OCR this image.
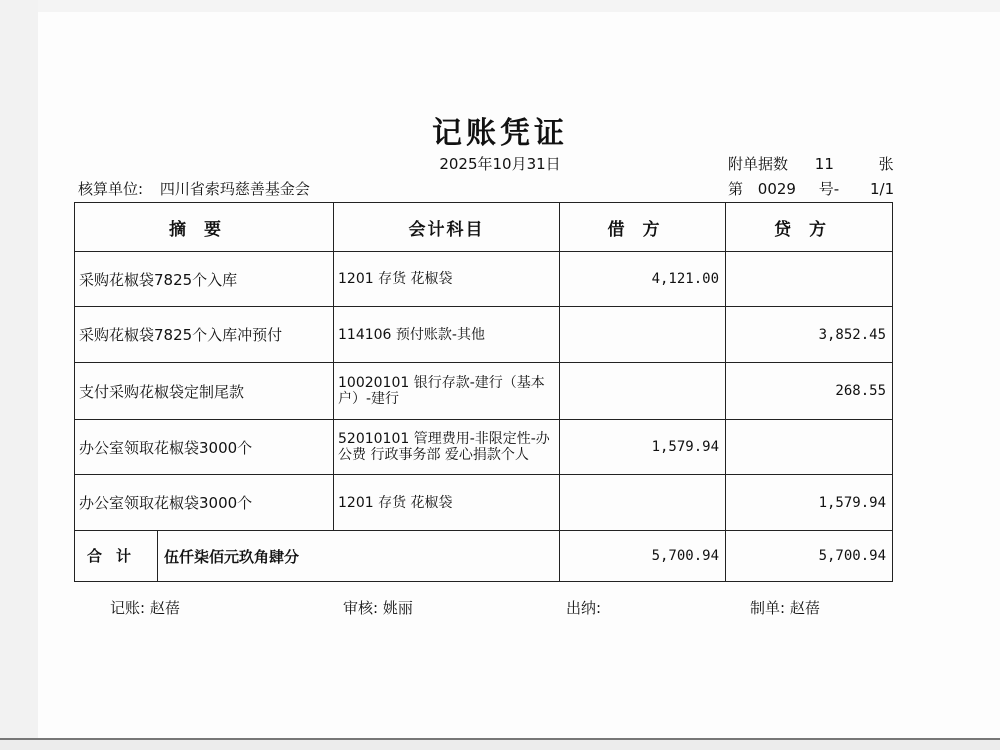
记账凭证
2025年10月31日	附单据数 11	张
核算单位: 四川省索玛慈善基金会	第 0029 号- 1/1
摘要	会计科目	借方	贷方
采购花椒袋7825个入库	1201 存货 花椒袋	4,121.00	
采购花椒袋7825个入库冲预付	114106 预付账款-其他		3,852.45
支付采购花椒袋定制尾款	10020101 银行存款-建行（基本户）-建行		268.55
办公室领取花椒袋3000个	52010101 管理费用-非限定性-办公费 行政事务部 爱心捐款个人	1,579.94	
办公室领取花椒袋3000个	1201 存货 花椒袋		1,579.94

合计 伍仟柒佰元玖角肆分		5,700.94	5,700.94
记账: 赵蓓	审核: 姚丽	出纳:	制单: 赵蓓
